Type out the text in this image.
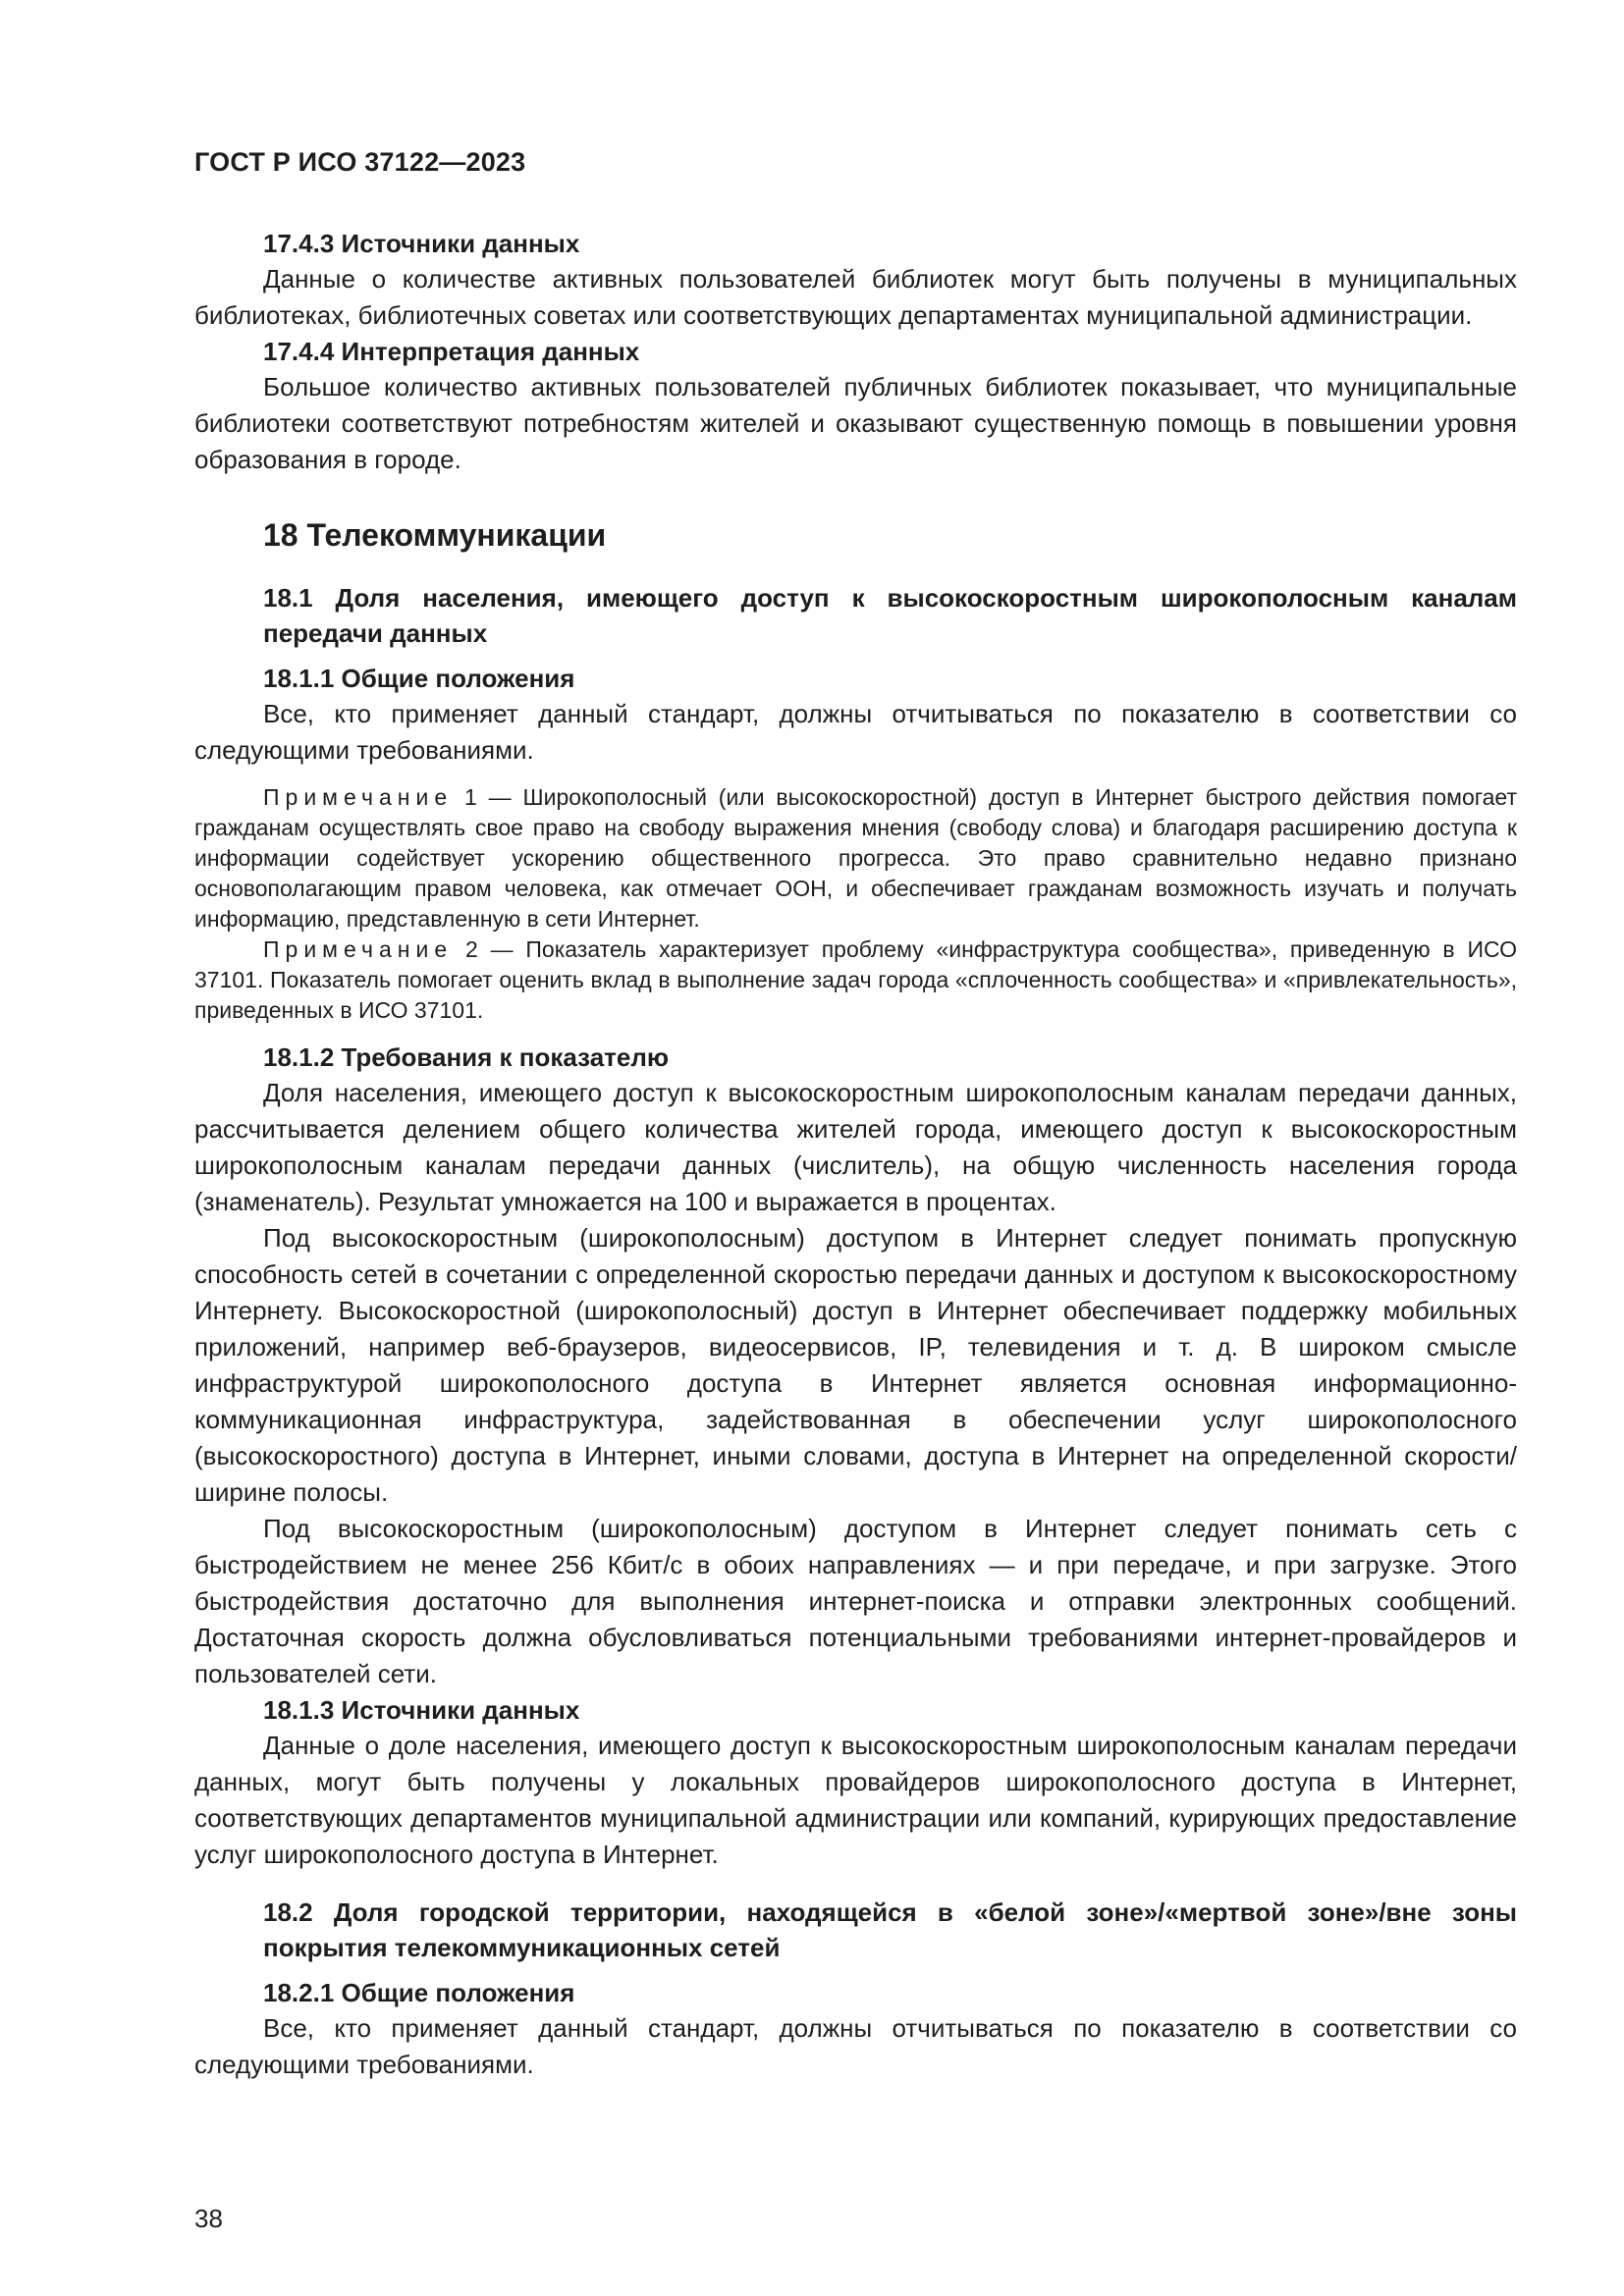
ГОСТ Р ИСО 37122—2023

17.4.3 Источники данных

Данные о количестве активных пользователей библиотек могут быть получены в муниципальных библиотеках, библиотечных советах или соответствующих департаментах муниципальной администрации.

17.4.4 Интерпретация данных

Большое количество активных пользователей публичных библиотек показывает, что муниципальные библиотеки соответствуют потребностям жителей и оказывают существенную помощь в повышении уровня образования в городе.

18 Телекоммуникации

18.1 Доля населения, имеющего доступ к высокоскоростным широкополосным каналам передачи данных

18.1.1 Общие положения

Все, кто применяет данный стандарт, должны отчитываться по показателю в соответствии со следующими требованиями.

Примечание 1 — Широкополосный (или высокоскоростной) доступ в Интернет быстрого действия помогает гражданам осуществлять свое право на свободу выражения мнения (свободу слова) и благодаря расширению доступа к информации содействует ускорению общественного прогресса. Это право сравнительно недавно признано основополагающим правом человека, как отмечает ООН, и обеспечивает гражданам возможность изучать и получать информацию, представленную в сети Интернет.

Примечание 2 — Показатель характеризует проблему «инфраструктура сообщества», приведенную в ИСО 37101. Показатель помогает оценить вклад в выполнение задач города «сплоченность сообщества» и «привлекательность», приведенных в ИСО 37101.

18.1.2 Требования к показателю

Доля населения, имеющего доступ к высокоскоростным широкополосным каналам передачи данных, рассчитывается делением общего количества жителей города, имеющего доступ к высокоскоростным широкополосным каналам передачи данных (числитель), на общую численность населения города (знаменатель). Результат умножается на 100 и выражается в процентах.

Под высокоскоростным (широкополосным) доступом в Интернет следует понимать пропускную способность сетей в сочетании с определенной скоростью передачи данных и доступом к высокоскоростному Интернету. Высокоскоростной (широкополосный) доступ в Интернет обеспечивает поддержку мобильных приложений, например веб-браузеров, видеосервисов, IP, телевидения и т. д. В широком смысле инфраструктурой широкополосного доступа в Интернет является основная информационно-коммуникационная инфраструктура, задействованная в обеспечении услуг широкополосного (высокоскоростного) доступа в Интернет, иными словами, доступа в Интернет на определенной скорости/ширине полосы.

Под высокоскоростным (широкополосным) доступом в Интернет следует понимать сеть с быстродействием не менее 256 Кбит/с в обоих направлениях — и при передаче, и при загрузке. Этого быстродействия достаточно для выполнения интернет-поиска и отправки электронных сообщений. Достаточная скорость должна обусловливаться потенциальными требованиями интернет-провайдеров и пользователей сети.

18.1.3 Источники данных

Данные о доле населения, имеющего доступ к высокоскоростным широкополосным каналам передачи данных, могут быть получены у локальных провайдеров широкополосного доступа в Интернет, соответствующих департаментов муниципальной администрации или компаний, курирующих предоставление услуг широкополосного доступа в Интернет.

18.2 Доля городской территории, находящейся в «белой зоне»/«мертвой зоне»/вне зоны покрытия телекоммуникационных сетей

18.2.1 Общие положения

Все, кто применяет данный стандарт, должны отчитываться по показателю в соответствии со следующими требованиями.

38
